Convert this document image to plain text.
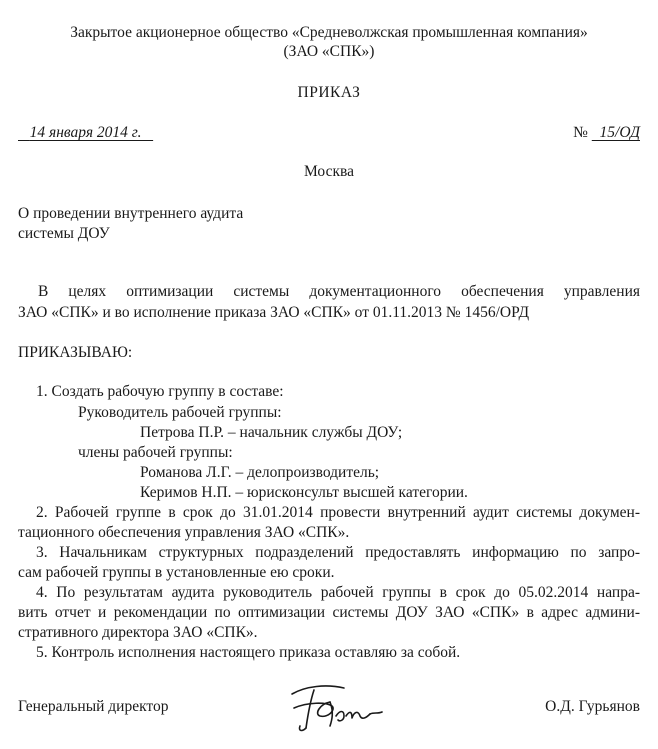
Закрытое акционерное общество «Средневолжская промышленная компания»
(ЗАО «СПК»)
ПРИКАЗ
14 января 2014 г.	№ 15/ОД
Москва
О проведении внутреннего аудита
системы ДОУ
В целях оптимизации системы документационного обеспечения управления
ЗАО «СПК» и во исполнение приказа ЗАО «СПК» от 01.11.2013 № 1456/ОРД
ПРИКАЗЫВАЮ:
1. Создать рабочую группу в составе:
Руководитель рабочей группы:
Петрова П.Р. – начальник службы ДОУ;
члены рабочей группы:
Романова Л.Г. – делопроизводитель;
Керимов Н.П. – юрисконсульт высшей категории.
2. Рабочей группе в срок до 31.01.2014 провести внутренний аудит системы докумен-
тационного обеспечения управления ЗАО «СПК».
3. Начальникам структурных подразделений предоставлять информацию по запро-
сам рабочей группы в установленные ею сроки.
4. По результатам аудита руководитель рабочей группы в срок до 05.02.2014 напра-
вить отчет и рекомендации по оптимизации системы ДОУ ЗАО «СПК» в адрес админи-
стративного директора ЗАО «СПК».
5. Контроль исполнения настоящего приказа оставляю за собой.
Генеральный директор	О.Д. Гурьянов
